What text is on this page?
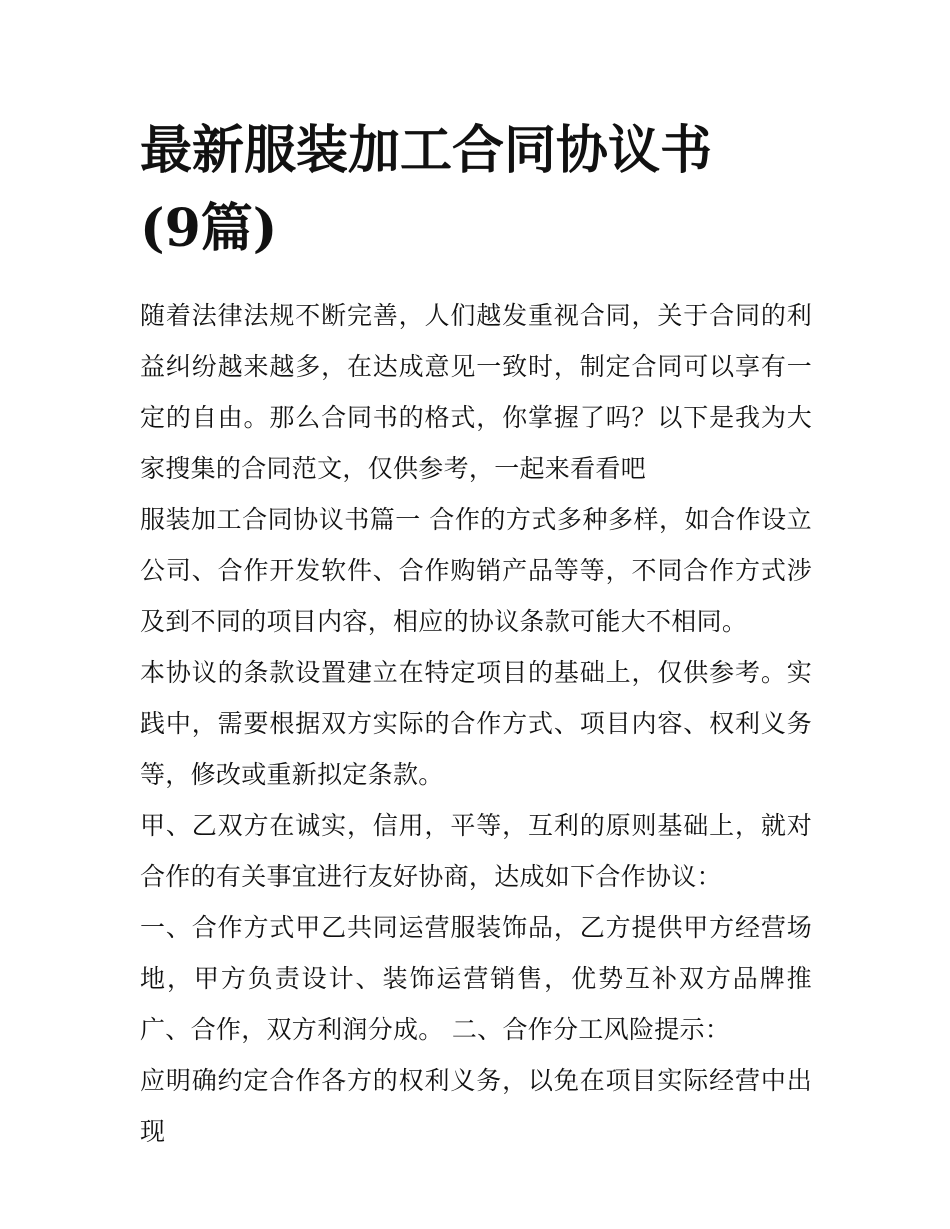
最新服装加工合同协议书(9篇)

随着法律法规不断完善，人们越发重视合同，关于合同的利益纠纷越来越多，在达成意见一致时，制定合同可以享有一定的自由。那么合同书的格式，你掌握了吗？以下是我为大家搜集的合同范文，仅供参考，一起来看看吧

服装加工合同协议书篇一 合作的方式多种多样，如合作设立公司、合作开发软件、合作购销产品等等，不同合作方式涉及到不同的项目内容，相应的协议条款可能大不相同。

本协议的条款设置建立在特定项目的基础上，仅供参考。实践中，需要根据双方实际的合作方式、项目内容、权利义务等，修改或重新拟定条款。

甲、乙双方在诚实，信用，平等，互利的原则基础上，就对合作的有关事宜进行友好协商，达成如下合作协议：

一、合作方式甲乙共同运营服装饰品，乙方提供甲方经营场地，甲方负责设计、装饰运营销售，优势互补双方品牌推广、合作，双方利润分成。 二、合作分工风险提示：

应明确约定合作各方的权利义务，以免在项目实际经营中出现
